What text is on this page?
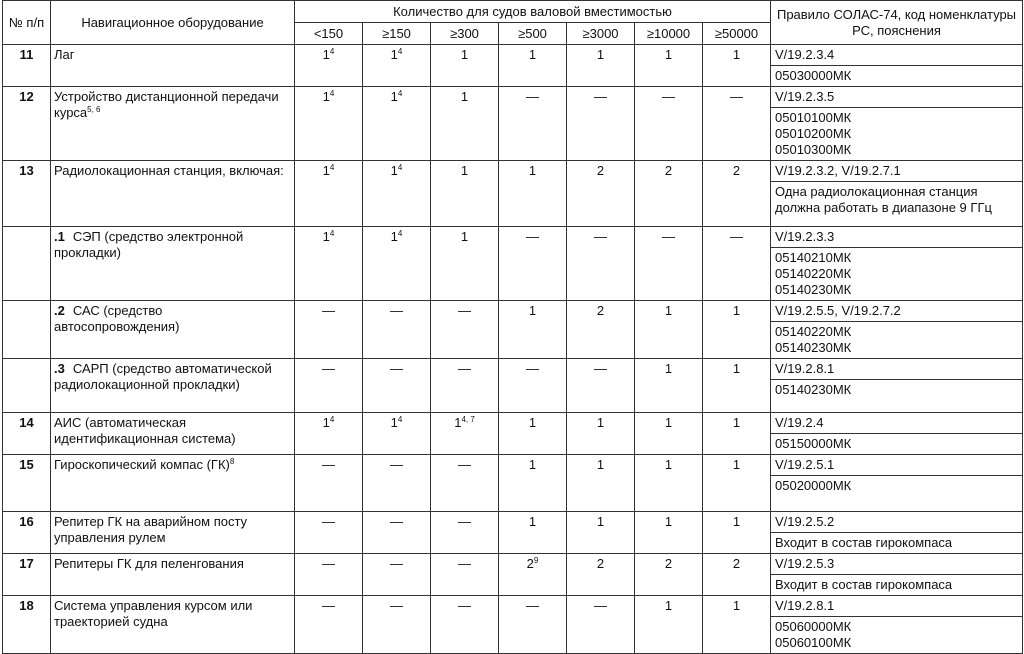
№ п/п	Навигационное оборудование	Количество для судов валовой вместимостью							Правило СОЛАС-74, код номенклатуры РС, пояснения
		<150	≥150	≥300	≥500	≥3000	≥10000	≥50000	
11	Лаг	$1^4$	$1^4$	1	1	1	1	1	V/19.2.3.4
05030000МК

12	Устройство дистанционной передачи курса$^{5, 6}$	$1^4$	$1^4$	1	—	—	—	—	V/19.2.3.5
05010100МК
05010200МК
05010300МК

13	Радиолокационная станция, включая:	$1^4$	$1^4$	1	1	2	2	2	V/19.2.3.2, V/19.2.7.1
Одна радиолокационная станция должна работать в диапазоне 9 ГГц

	.1 СЭП (средство электронной прокладки)	$1^4$	$1^4$	1	—	—	—	—	V/19.2.3.3
05140210МК
05140220МК
05140230МК

	.2 САС (средство автосопровождения)	—	—	—	1	2	1	1	V/19.2.5.5, V/19.2.7.2
05140220МК
05140230МК

	.3 САРП (средство автоматической радиолокационной прокладки)	—	—	—	—	—	1	1	V/19.2.8.1
05140230МК

14	АИС (автоматическая идентификационная система)	$1^4$	$1^4$	1$^{4, 7}$	1	1	1	1	V/19.2.4
05150000МК

15	Гироскопический компас (ГК)$^8$	—	—	—	1	1	1	1	V/19.2.5.1
05020000МК

16	Репитер ГК на аварийном посту управления рулем	—	—	—	1	1	1	1	V/19.2.5.2
Входит в состав гирокомпаса

17	Репитеры ГК для пеленгования	—	—	—	$2^9$	2	2	2	V/19.2.5.3
Входит в состав гирокомпаса

18	Система управления курсом или траекторией судна	—	—	—	—	—	1	1	V/19.2.8.1
05060000МК
05060100МК
